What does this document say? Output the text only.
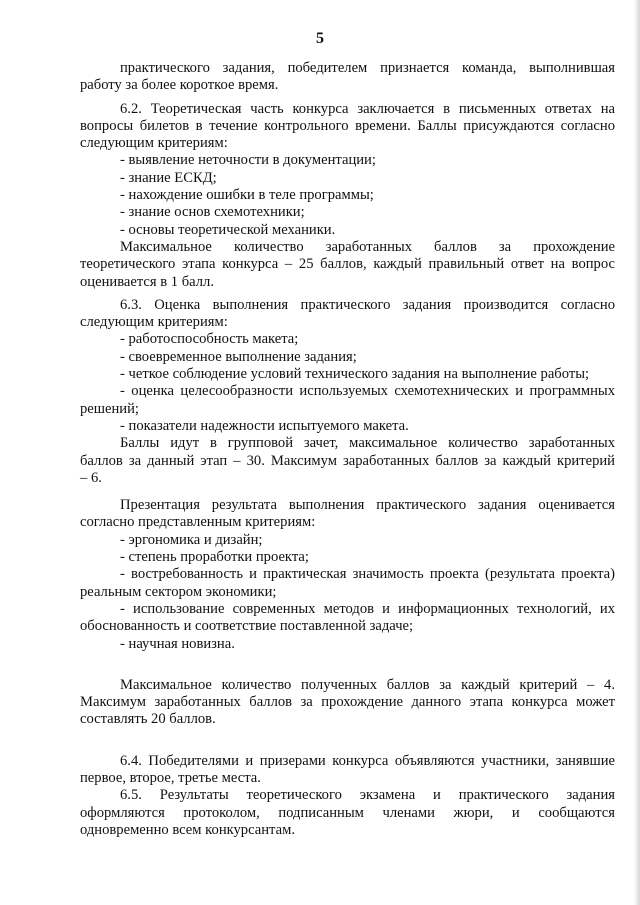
5

практического задания, победителем признается команда, выполнившая
работу за более короткое время.

6.2. Теоретическая часть конкурса заключается в письменных ответах на
вопросы билетов в течение контрольного времени. Баллы присуждаются согласно
следующим критериям:

- выявление неточности в документации;

- знание ЕСКД;

- нахождение ошибки в теле программы;

- знание основ схемотехники;

- основы теоретической механики.

Максимальное количество заработанных баллов за прохождение
теоретического этапа конкурса – 25 баллов, каждый правильный ответ на вопрос
оценивается в 1 балл.

6.3. Оценка выполнения практического задания производится согласно
следующим критериям:

- работоспособность макета;

- своевременное выполнение задания;

- четкое соблюдение условий технического задания на выполнение работы;

- оценка целесообразности используемых схемотехнических и программных
решений;

- показатели надежности испытуемого макета.

Баллы идут в групповой зачет, максимальное количество заработанных
баллов за данный этап – 30. Максимум заработанных баллов за каждый критерий
– 6.

Презентация результата выполнения практического задания оценивается
согласно представленным критериям:

- эргономика и дизайн;

- степень проработки проекта;

- востребованность и практическая значимость проекта (результата проекта)
реальным сектором экономики;

- использование современных методов и информационных технологий, их
обоснованность и соответствие поставленной задаче;

- научная новизна.

Максимальное количество полученных баллов за каждый критерий – 4.
Максимум заработанных баллов за прохождение данного этапа конкурса может
составлять 20 баллов.

6.4. Победителями и призерами конкурса объявляются участники, занявшие
первое, второе, третье места.

6.5. Результаты теоретического экзамена и практического задания
оформляются протоколом, подписанным членами жюри, и сообщаются
одновременно всем конкурсантам.
